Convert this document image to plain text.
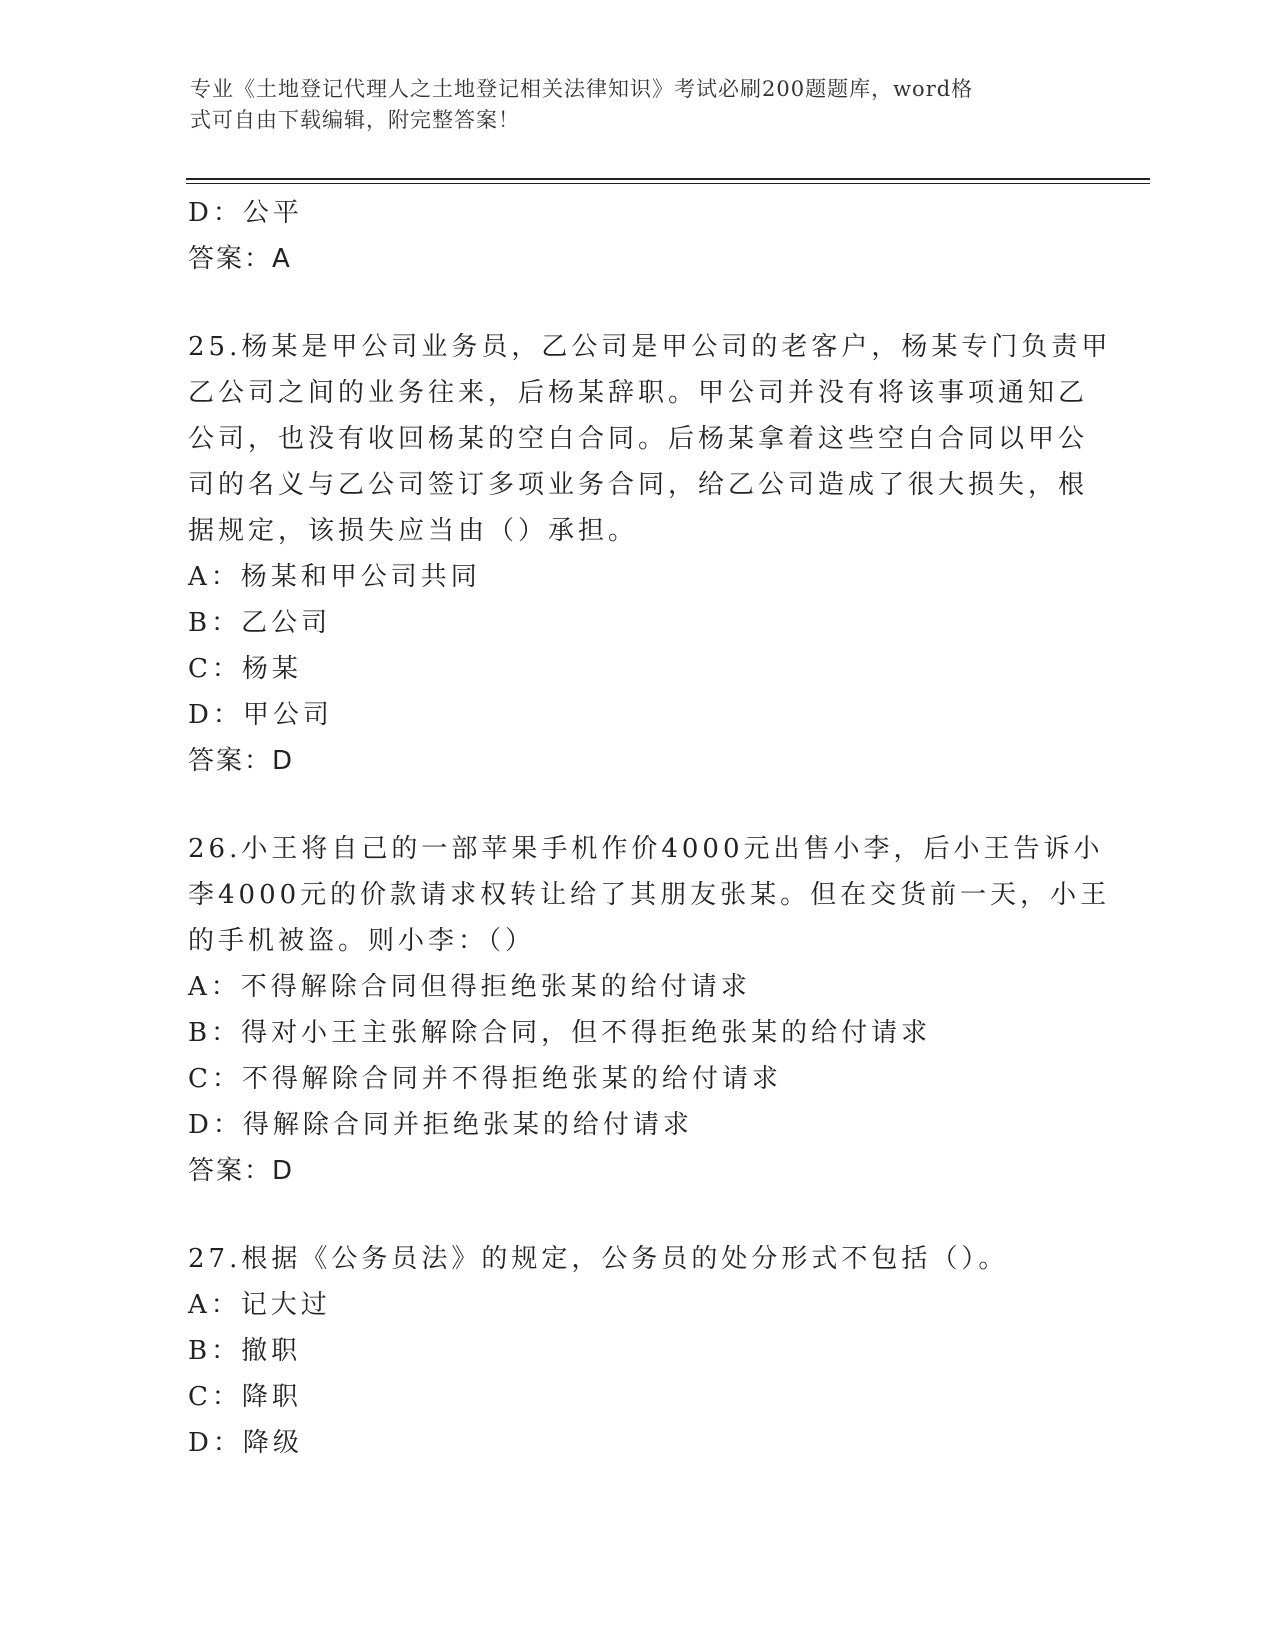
专业《土地登记代理人之土地登记相关法律知识》考试必刷200题题库，word格
式可自由下载编辑，附完整答案！
D：公平
答案：A
25.杨某是甲公司业务员，乙公司是甲公司的老客户，杨某专门负责甲
乙公司之间的业务往来，后杨某辞职。甲公司并没有将该事项通知乙
公司，也没有收回杨某的空白合同。后杨某拿着这些空白合同以甲公
司的名义与乙公司签订多项业务合同，给乙公司造成了很大损失，根
据规定，该损失应当由（）承担。
A：杨某和甲公司共同
B：乙公司
C：杨某
D：甲公司
答案：D
26.小王将自己的一部苹果手机作价4000元出售小李，后小王告诉小
李4000元的价款请求权转让给了其朋友张某。但在交货前一天，小王
的手机被盗。则小李：（）
A：不得解除合同但得拒绝张某的给付请求
B：得对小王主张解除合同，但不得拒绝张某的给付请求
C：不得解除合同并不得拒绝张某的给付请求
D：得解除合同并拒绝张某的给付请求
答案：D
27.根据《公务员法》的规定，公务员的处分形式不包括（）。
A：记大过
B：撤职
C：降职
D：降级
